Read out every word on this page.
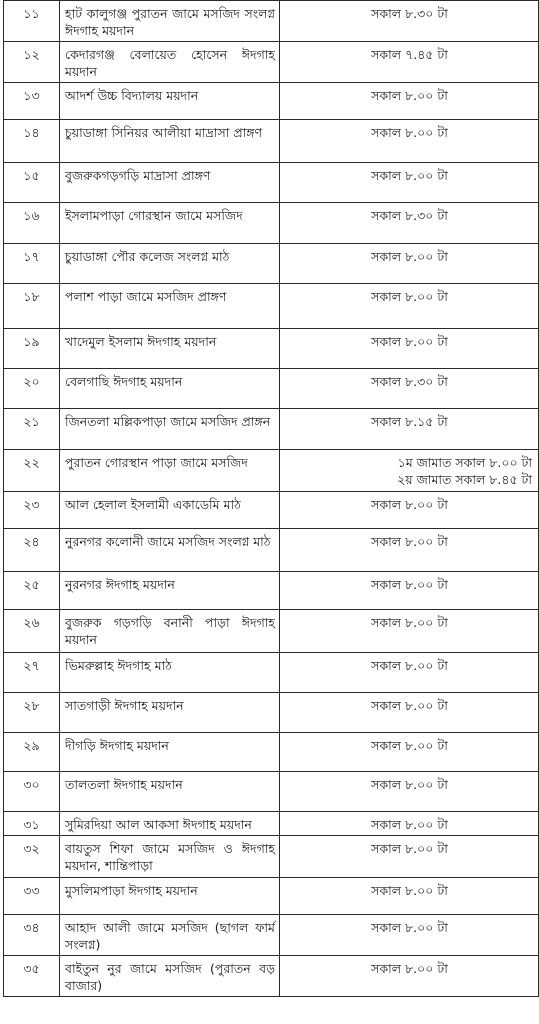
১১	হাট কালুগঞ্জ পুরাতন জামে মসজিদ সংলগ্ন ঈদগাহ ময়দান	সকাল ৮.৩০ টা

১২	কেদারগঞ্জ বেলায়েত হোসেন ঈদগাহ ময়দান	সকাল ৭.৪৫ টা

১৩	আদর্শ উচ্চ বিদ্যালয় ময়দান	সকাল ৮.০০ টা

১৪	চুয়াডাঙ্গা সিনিয়র আলীয়া মাদ্রাসা প্রাঙ্গণ	সকাল ৮.০০ টা

১৫	বুজরুকগড়গড়ি মাদ্রাসা প্রাঙ্গণ	সকাল ৮.০০ টা

১৬	ইসলামপাড়া গোরস্থান জামে মসজিদ	সকাল ৮.৩০ টা

১৭	চুয়াডাঙ্গা পৌর কলেজ সংলগ্ন মাঠ	সকাল ৮.০০ টা

১৮	পলাশ পাড়া জামে মসজিদ প্রাঙ্গণ	সকাল ৮.০০ টা

১৯	খাদেমুল ইসলাম ঈদগাহ ময়দান	সকাল ৮.০০ টা

২০	বেলগাছি ঈদগাহ ময়দান	সকাল ৮.৩০ টা

২১	জিনতলা মল্লিকপাড়া জামে মসজিদ প্রাঙ্গন	সকাল ৮.১৫ টা

২২	পুরাতন গোরস্থান পাড়া জামে মসজিদ	১ম জামাত সকাল ৮.০০ টা
২য় জামাত সকাল ৮.৪৫ টা

২৩	আল হেলাল ইসলামী একাডেমি মাঠ	সকাল ৮.০০ টা

২৪	নুরনগর কলোনী জামে মসজিদ সংলগ্ন মাঠ	সকাল ৮.০০ টা

২৫	নুরনগর ঈদগাহ ময়দান	সকাল ৮.০০ টা

২৬	বুজরুক গড়গড়ি বনানী পাড়া ঈদগাহ ময়দান	সকাল ৮.০০ টা

২৭	ভিমরুল্লাহ ঈদগাহ মাঠ	সকাল ৮.০০ টা

২৮	সাতগাড়ী ঈদগাহ ময়দান	সকাল ৮.০০ টা

২৯	দীগড়ি ঈদগাহ ময়দান	সকাল ৮.০০ টা

৩০	তালতলা ঈদগাহ ময়দান	সকাল ৮.০০ টা

৩১	সুমিরদিয়া আল আকসা ঈদগাহ ময়দান	সকাল ৮.০০ টা

৩২	বায়তুস শিফা জামে মসজিদ ও ঈদগাহ ময়দান, শান্তিপাড়া	সকাল ৮.০০ টা

৩৩	মুসলিমপাড়া ঈদগাহ ময়দান	সকাল ৮.০০ টা

৩৪	আহাদ আলী জামে মসজিদ (ছাগল ফার্ম সংলগ্ন)	সকাল ৮.০০ টা

৩৫	বাইতুন নুর জামে মসজিদ (পুরাতন বড় বাজার)	সকাল ৮.০০ টা
